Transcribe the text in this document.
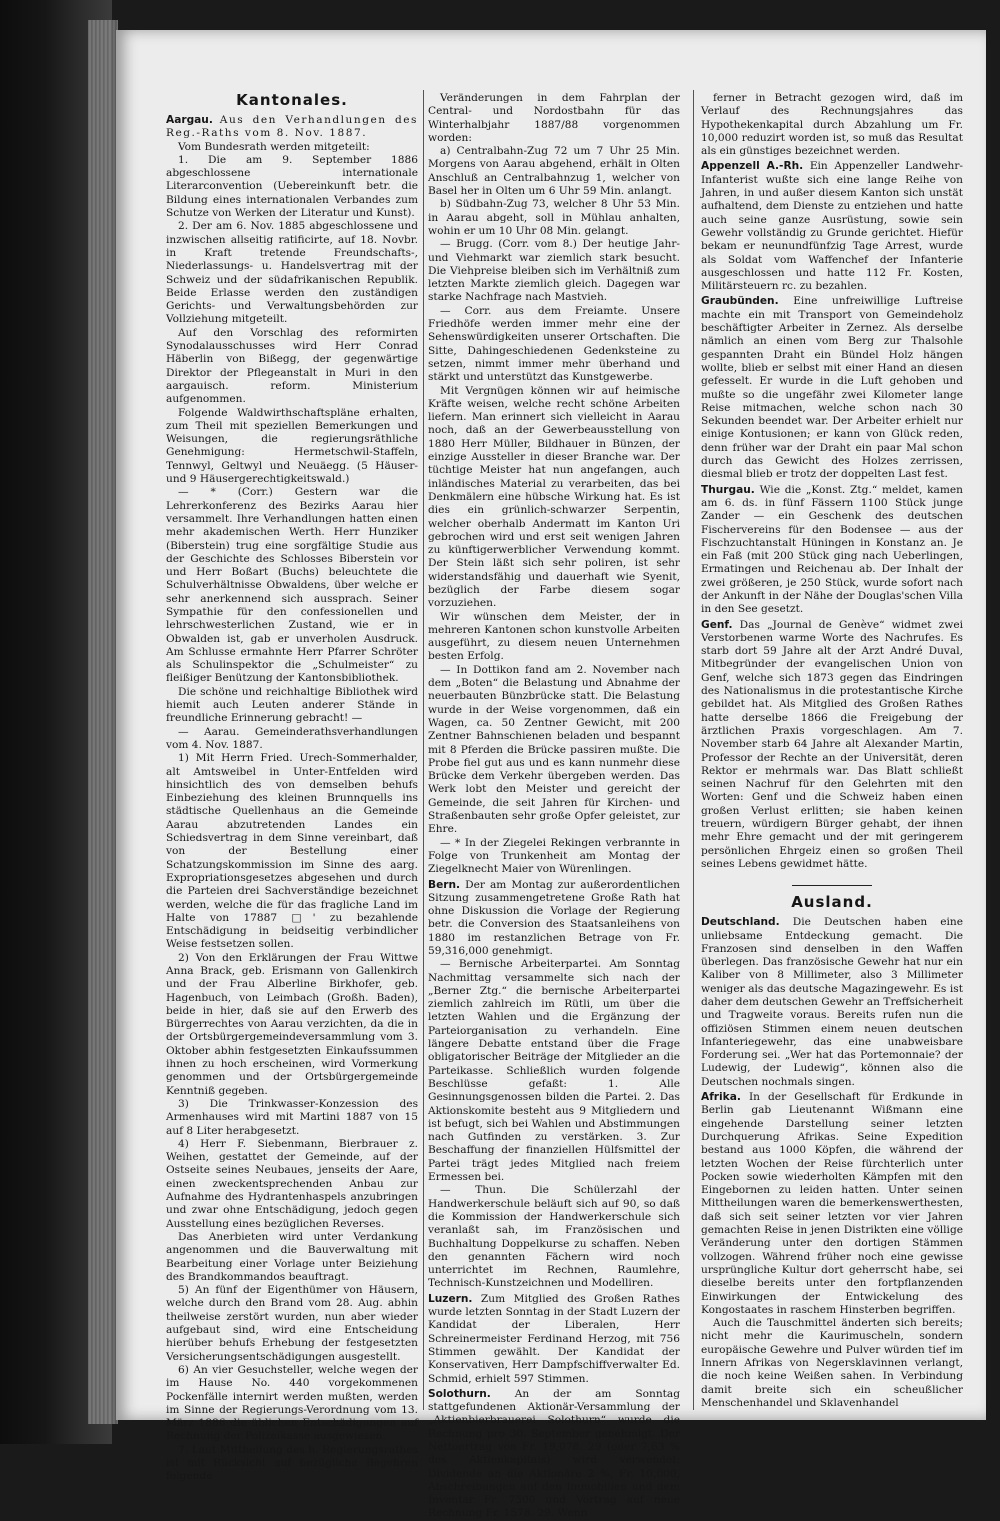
Kantonales.

Aargau. Aus den Verhandlungen des Reg.-Raths vom 8. Nov. 1887.

Vom Bundesrath werden mitgeteilt:

1. Die am 9. September 1886 abgeschlossene internationale Literarconvention (Uebereinkunft betr. die Bildung eines internationalen Verbandes zum Schutze von Werken der Literatur und Kunst).

2. Der am 6. Nov. 1885 abgeschlossene und inzwischen allseitig ratificirte, auf 18. Novbr. in Kraft tretende Freundschafts-, Niederlassungs- u. Handelsvertrag mit der Schweiz und der südafrikanischen Republik. Beide Erlasse werden den zuständigen Gerichts- und Verwaltungsbehörden zur Vollziehung mitgeteilt.

Auf den Vorschlag des reformirten Synodalausschusses wird Herr Conrad Häberlin von Bißegg, der gegenwärtige Direktor der Pflegeanstalt in Muri in den aargauisch. reform. Ministerium aufgenommen.

Folgende Waldwirthschaftspläne erhalten, zum Theil mit speziellen Bemerkungen und Weisungen, die regierungsräthliche Genehmigung: Hermetschwil-Staffeln, Tennwyl, Geltwyl und Neuäegg. (5 Häuser- und 9 Häusergerechtigkeitswald.)

— * (Corr.) Gestern war die Lehrerkonferenz des Bezirks Aarau hier versammelt. Ihre Verhandlungen hatten einen mehr akademischen Werth. Herr Hunziker (Biberstein) trug eine sorgfältige Studie aus der Geschichte des Schlosses Biberstein vor und Herr Boßart (Buchs) beleuchtete die Schulverhältnisse Obwaldens, über welche er sehr anerkennend sich aussprach. Seiner Sympathie für den confessionellen und lehrschwesterlichen Zustand, wie er in Obwalden ist, gab er unverholen Ausdruck. Am Schlusse ermahnte Herr Pfarrer Schröter als Schulinspektor die „Schulmeister“ zu fleißiger Benützung der Kantonsbibliothek.

Die schöne und reichhaltige Bibliothek wird hiemit auch Leuten anderer Stände in freundliche Erinnerung gebracht! —

— Aarau. Gemeinderathsverhandlungen vom 4. Nov. 1887.

1) Mit Herrn Fried. Urech-Sommerhalder, alt Amtsweibel in Unter-Entfelden wird hinsichtlich des von demselben behufs Einbeziehung des kleinen Brunnquells ins städtische Quellenhaus an die Gemeinde Aarau abzutretenden Landes ein Schiedsvertrag in dem Sinne vereinbart, daß von der Bestellung einer Schatzungskommission im Sinne des aarg. Expropriationsgesetzes abgesehen und durch die Parteien drei Sachverständige bezeichnet werden, welche die für das fragliche Land im Halte von 17887 □' zu bezahlende Entschädigung in beidseitig verbindlicher Weise festsetzen sollen.

2) Von den Erklärungen der Frau Wittwe Anna Brack, geb. Erismann von Gallenkirch und der Frau Alberline Birkhofer, geb. Hagenbuch, von Leimbach (Großh. Baden), beide in hier, daß sie auf den Erwerb des Bürgerrechtes von Aarau verzichten, da die in der Ortsbürgergemeindeversammlung vom 3. Oktober abhin festgesetzten Einkaufssummen ihnen zu hoch erscheinen, wird Vormerkung genommen und der Ortsbürgergemeinde Kenntniß gegeben.

3) Die Trinkwasser-Konzession des Armenhauses wird mit Martini 1887 von 15 auf 8 Liter herabgesetzt.

4) Herr F. Siebenmann, Bierbrauer z. Weihen, gestattet der Gemeinde, auf der Ostseite seines Neubaues, jenseits der Aare, einen zweckentsprechenden Anbau zur Aufnahme des Hydrantenhaspels anzubringen und zwar ohne Entschädigung, jedoch gegen Ausstellung eines bezüglichen Reverses.

Das Anerbieten wird unter Verdankung angenommen und die Bauverwaltung mit Bearbeitung einer Vorlage unter Beiziehung des Brandkommandos beauftragt.

5) An fünf der Eigenthümer von Häusern, welche durch den Brand vom 28. Aug. abhin theilweise zerstört wurden, nun aber wieder aufgebaut sind, wird eine Entscheidung hierüber behufs Erhebung der festgesetzten Versicherungsentschädigungen ausgestellt.

6) An vier Gesuchsteller, welche wegen der im Hause No. 440 vorgekommenen Pockenfälle internirt werden mußten, werden im Sinne der Regierungs-Verordnung vom 13. März 1886 die üblichen Entschädigungen auf Rechnung der Polizeikasse ausgewiesen.

7. Laut Mittheilung des h. Regierungsrathes ist mit Rücksicht auf bezügliche Begehren folgende

Veränderungen in dem Fahrplan der Central- und Nordostbahn für das Winterhalbjahr 1887/88 vorgenommen worden:

a) Centralbahn-Zug 72 um 7 Uhr 25 Min. Morgens von Aarau abgehend, erhält in Olten Anschluß an Centralbahnzug 1, welcher von Basel her in Olten um 6 Uhr 59 Min. anlangt.

b) Südbahn-Zug 73, welcher 8 Uhr 53 Min. in Aarau abgeht, soll in Mühlau anhalten, wohin er um 10 Uhr 08 Min. gelangt.

— Brugg. (Corr. vom 8.) Der heutige Jahr- und Viehmarkt war ziemlich stark besucht. Die Viehpreise bleiben sich im Verhältniß zum letzten Markte ziemlich gleich. Dagegen war starke Nachfrage nach Mastvieh.

— Corr. aus dem Freiamte. Unsere Friedhöfe werden immer mehr eine der Sehenswürdigkeiten unserer Ortschaften. Die Sitte, Dahingeschiedenen Gedenksteine zu setzen, nimmt immer mehr überhand und stärkt und unterstützt das Kunstgewerbe.

Mit Vergnügen können wir auf heimische Kräfte weisen, welche recht schöne Arbeiten liefern. Man erinnert sich vielleicht in Aarau noch, daß an der Gewerbeausstellung von 1880 Herr Müller, Bildhauer in Bünzen, der einzige Aussteller in dieser Branche war. Der tüchtige Meister hat nun angefangen, auch inländisches Material zu verarbeiten, das bei Denkmälern eine hübsche Wirkung hat. Es ist dies ein grünlich-schwarzer Serpentin, welcher oberhalb Andermatt im Kanton Uri gebrochen wird und erst seit wenigen Jahren zu künftigerwerblicher Verwendung kommt. Der Stein läßt sich sehr poliren, ist sehr widerstandsfähig und dauerhaft wie Syenit, bezüglich der Farbe diesem sogar vorzuziehen.

Wir wünschen dem Meister, der in mehreren Kantonen schon kunstvolle Arbeiten ausgeführt, zu diesem neuen Unternehmen besten Erfolg.

— In Dottikon fand am 2. November nach dem „Boten“ die Belastung und Abnahme der neuerbauten Bünzbrücke statt. Die Belastung wurde in der Weise vorgenommen, daß ein Wagen, ca. 50 Zentner Gewicht, mit 200 Zentner Bahnschienen beladen und bespannt mit 8 Pferden die Brücke passiren mußte. Die Probe fiel gut aus und es kann nunmehr diese Brücke dem Verkehr übergeben werden. Das Werk lobt den Meister und gereicht der Gemeinde, die seit Jahren für Kirchen- und Straßenbauten sehr große Opfer geleistet, zur Ehre.

— * In der Ziegelei Rekingen verbrannte in Folge von Trunkenheit am Montag der Ziegelknecht Maier von Würenlingen.

Bern. Der am Montag zur außerordentlichen Sitzung zusammengetretene Große Rath hat ohne Diskussion die Vorlage der Regierung betr. die Conversion des Staatsanleihens von 1880 im restanzlichen Betrage von Fr. 59,316,000 genehmigt.

— Bernische Arbeiterpartei. Am Sonntag Nachmittag versammelte sich nach der „Berner Ztg.“ die bernische Arbeiterpartei ziemlich zahlreich im Rütli, um über die letzten Wahlen und die Ergänzung der Parteiorganisation zu verhandeln. Eine längere Debatte entstand über die Frage obligatorischer Beiträge der Mitglieder an die Parteikasse. Schließlich wurden folgende Beschlüsse gefaßt: 1. Alle Gesinnungsgenossen bilden die Partei. 2. Das Aktionskomite besteht aus 9 Mitgliedern und ist befugt, sich bei Wahlen und Abstimmungen nach Gutfinden zu verstärken. 3. Zur Beschaffung der finanziellen Hülfsmittel der Partei trägt jedes Mitglied nach freiem Ermessen bei.

— Thun. Die Schülerzahl der Handwerkerschule beläuft sich auf 90, so daß die Kommission der Handwerkerschule sich veranlaßt sah, im Französischen und Buchhaltung Doppelkurse zu schaffen. Neben den genannten Fächern wird noch unterrichtet im Rechnen, Raumlehre, Technisch-Kunstzeichnen und Modelliren.

Luzern. Zum Mitglied des Großen Rathes wurde letzten Sonntag in der Stadt Luzern der Kandidat der Liberalen, Herr Schreinermeister Ferdinand Herzog, mit 756 Stimmen gewählt. Der Kandidat der Konservativen, Herr Dampfschiffverwalter Ed. Schmid, erhielt 597 Stimmen.

Solothurn. An der am Sonntag stattgefundenen Aktionär-Versammlung der „Aktienbierbrauerei Solothurn“ wurde die Rechnung pro 30. September genehmigt. Der Nettoertrag von Fr. 19,078. 29 (oder 7,63 % des Aktienkapitals) wird verwendet: Dividende an die Aktionäre 2 %, Fr. 10,000, Abschreibungen auf den Immobilien und dem Inventar Fr. 7500 und Vortrag auf neue Rechnung Fr. 1578. 29. Wenn

ferner in Betracht gezogen wird, daß im Verlauf des Rechnungsjahres das Hypothekenkapital durch Abzahlung um Fr. 10,000 reduzirt worden ist, so muß das Resultat als ein günstiges bezeichnet werden.

Appenzell A.-Rh. Ein Appenzeller Landwehr-Infanterist wußte sich eine lange Reihe von Jahren, in und außer diesem Kanton sich unstät aufhaltend, dem Dienste zu entziehen und hatte auch seine ganze Ausrüstung, sowie sein Gewehr vollständig zu Grunde gerichtet. Hiefür bekam er neunundfünfzig Tage Arrest, wurde als Soldat vom Waffenchef der Infanterie ausgeschlossen und hatte 112 Fr. Kosten, Militärsteuern rc. zu bezahlen.

Graubünden. Eine unfreiwillige Luftreise machte ein mit Transport von Gemeindeholz beschäftigter Arbeiter in Zernez. Als derselbe nämlich an einen vom Berg zur Thalsohle gespannten Draht ein Bündel Holz hängen wollte, blieb er selbst mit einer Hand an diesen gefesselt. Er wurde in die Luft gehoben und mußte so die ungefähr zwei Kilometer lange Reise mitmachen, welche schon nach 30 Sekunden beendet war. Der Arbeiter erhielt nur einige Kontusionen; er kann von Glück reden, denn früher war der Draht ein paar Mal schon durch das Gewicht des Holzes zerrissen, diesmal blieb er trotz der doppelten Last fest.

Thurgau. Wie die „Konst. Ztg.“ meldet, kamen am 6. ds. in fünf Fässern 1100 Stück junge Zander — ein Geschenk des deutschen Fischervereins für den Bodensee — aus der Fischzuchtanstalt Hüningen in Konstanz an. Je ein Faß (mit 200 Stück ging nach Ueberlingen, Ermatingen und Reichenau ab. Der Inhalt der zwei größeren, je 250 Stück, wurde sofort nach der Ankunft in der Nähe der Douglas'schen Villa in den See gesetzt.

Genf. Das „Journal de Genève“ widmet zwei Verstorbenen warme Worte des Nachrufes. Es starb dort 59 Jahre alt der Arzt André Duval, Mitbegründer der evangelischen Union von Genf, welche sich 1873 gegen das Eindringen des Nationalismus in die protestantische Kirche gebildet hat. Als Mitglied des Großen Rathes hatte derselbe 1866 die Freigebung der ärztlichen Praxis vorgeschlagen. Am 7. November starb 64 Jahre alt Alexander Martin, Professor der Rechte an der Universität, deren Rektor er mehrmals war. Das Blatt schließt seinen Nachruf für den Gelehrten mit den Worten: Genf und die Schweiz haben einen großen Verlust erlitten; sie haben keinen treuern, würdigern Bürger gehabt, der ihnen mehr Ehre gemacht und der mit geringerem persönlichen Ehrgeiz einen so großen Theil seines Lebens gewidmet hätte.

Ausland.

Deutschland. Die Deutschen haben eine unliebsame Entdeckung gemacht. Die Franzosen sind denselben in den Waffen überlegen. Das französische Gewehr hat nur ein Kaliber von 8 Millimeter, also 3 Millimeter weniger als das deutsche Magazingewehr. Es ist daher dem deutschen Gewehr an Treffsicherheit und Tragweite voraus. Bereits rufen nun die offiziösen Stimmen einem neuen deutschen Infanteriegewehr, das eine unabweisbare Forderung sei. „Wer hat das Portemonnaie? der Ludewig, der Ludewig“, können also die Deutschen nochmals singen.

Afrika. In der Gesellschaft für Erdkunde in Berlin gab Lieutenannt Wißmann eine eingehende Darstellung seiner letzten Durchquerung Afrikas. Seine Expedition bestand aus 1000 Köpfen, die während der letzten Wochen der Reise fürchterlich unter Pocken sowie wiederholten Kämpfen mit den Eingebornen zu leiden hatten. Unter seinen Mittheilungen waren die bemerkenswerthesten, daß sich seit seiner letzten vor vier Jahren gemachten Reise in jenen Distrikten eine völlige Veränderung unter den dortigen Stämmen vollzogen. Während früher noch eine gewisse ursprüngliche Kultur dort geherrscht habe, sei dieselbe bereits unter den fortpflanzenden Einwirkungen der Entwickelung des Kongostaates in raschem Hinsterben begriffen.

Auch die Tauschmittel änderten sich bereits; nicht mehr die Kaurimuscheln, sondern europäische Gewehre und Pulver würden tief im Innern Afrikas von Negersklavinnen verlangt, die noch keine Weißen sahen. In Verbindung damit breite sich ein scheußlicher Menschenhandel und Sklavenhandel
